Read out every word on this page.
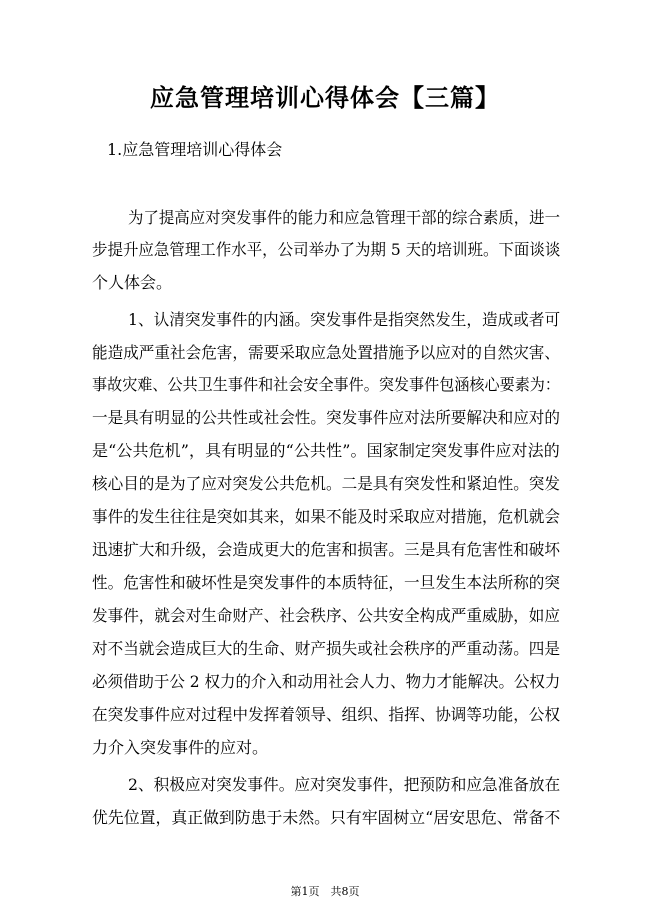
应急管理培训心得体会【三篇】
1.应急管理培训心得体会
为了提高应对突发事件的能力和应急管理干部的综合素质，进一
步提升应急管理工作水平，公司举办了为期 5 天的培训班。下面谈谈
个人体会。
1、认清突发事件的内涵。突发事件是指突然发生，造成或者可
能造成严重社会危害，需要采取应急处置措施予以应对的自然灾害、
事故灾难、公共卫生事件和社会安全事件。突发事件包涵核心要素为：
一是具有明显的公共性或社会性。突发事件应对法所要解决和应对的
是“公共危机”，具有明显的“公共性”。国家制定突发事件应对法的
核心目的是为了应对突发公共危机。二是具有突发性和紧迫性。突发
事件的发生往往是突如其来，如果不能及时采取应对措施，危机就会
迅速扩大和升级，会造成更大的危害和损害。三是具有危害性和破坏
性。危害性和破坏性是突发事件的本质特征，一旦发生本法所称的突
发事件，就会对生命财产、社会秩序、公共安全构成严重威胁，如应
对不当就会造成巨大的生命、财产损失或社会秩序的严重动荡。四是
必须借助于公 2 权力的介入和动用社会人力、物力才能解决。公权力
在突发事件应对过程中发挥着领导、组织、指挥、协调等功能，公权
力介入突发事件的应对。
2、积极应对突发事件。应对突发事件，把预防和应急准备放在
优先位置，真正做到防患于未然。只有牢固树立“居安思危、常备不
第1页　共8页
